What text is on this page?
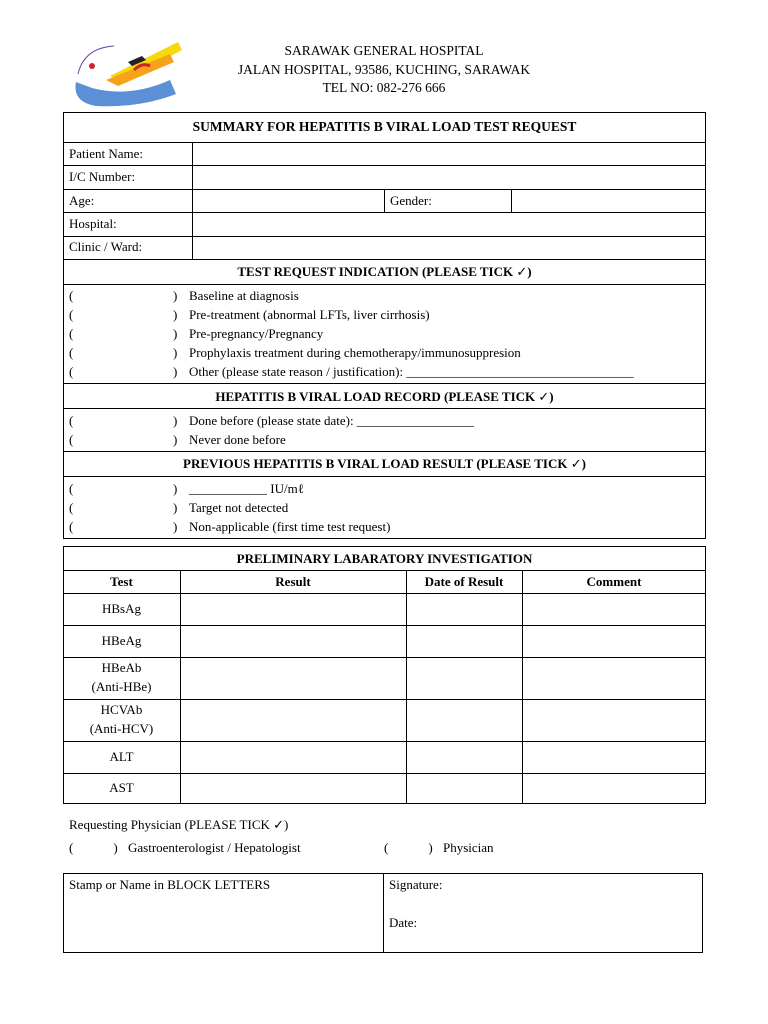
SARAWAK GENERAL HOSPITAL
JALAN HOSPITAL, 93586, KUCHING, SARAWAK
TEL NO: 082-276 666
SUMMARY FOR HEPATITIS B VIRAL LOAD TEST REQUEST
Patient Name:
I/C Number:
Age:	Gender:
Hospital:
Clinic / Ward:
TEST REQUEST INDICATION (PLEASE TICK ✓)
(	) Baseline at diagnosis
(	) Pre-treatment (abnormal LFTs, liver cirrhosis)
(	) Pre-pregnancy/Pregnancy
(	) Prophylaxis treatment during chemotherapy/immunosuppresion
(	) Other (please state reason / justification): ___________________________________
HEPATITIS B VIRAL LOAD RECORD (PLEASE TICK ✓)
(	) Done before (please state date): __________________
(	) Never done before
PREVIOUS HEPATITIS B VIRAL LOAD RESULT (PLEASE TICK ✓)
(	) ____________ IU/mℓ
(	) Target not detected
(	) Non-applicable (first time test request)
PRELIMINARY LABARATORY INVESTIGATION
Test	Result	Date of Result	Comment
HBsAg
HBeAg
HBeAb
(Anti-HBe)
HCVAb
(Anti-HCV)
ALT
AST
Requesting Physician (PLEASE TICK ✓)
(	) Gastroenterologist / Hepatologist	(	) Physician
Stamp or Name in BLOCK LETTERS	Signature:
Date:
